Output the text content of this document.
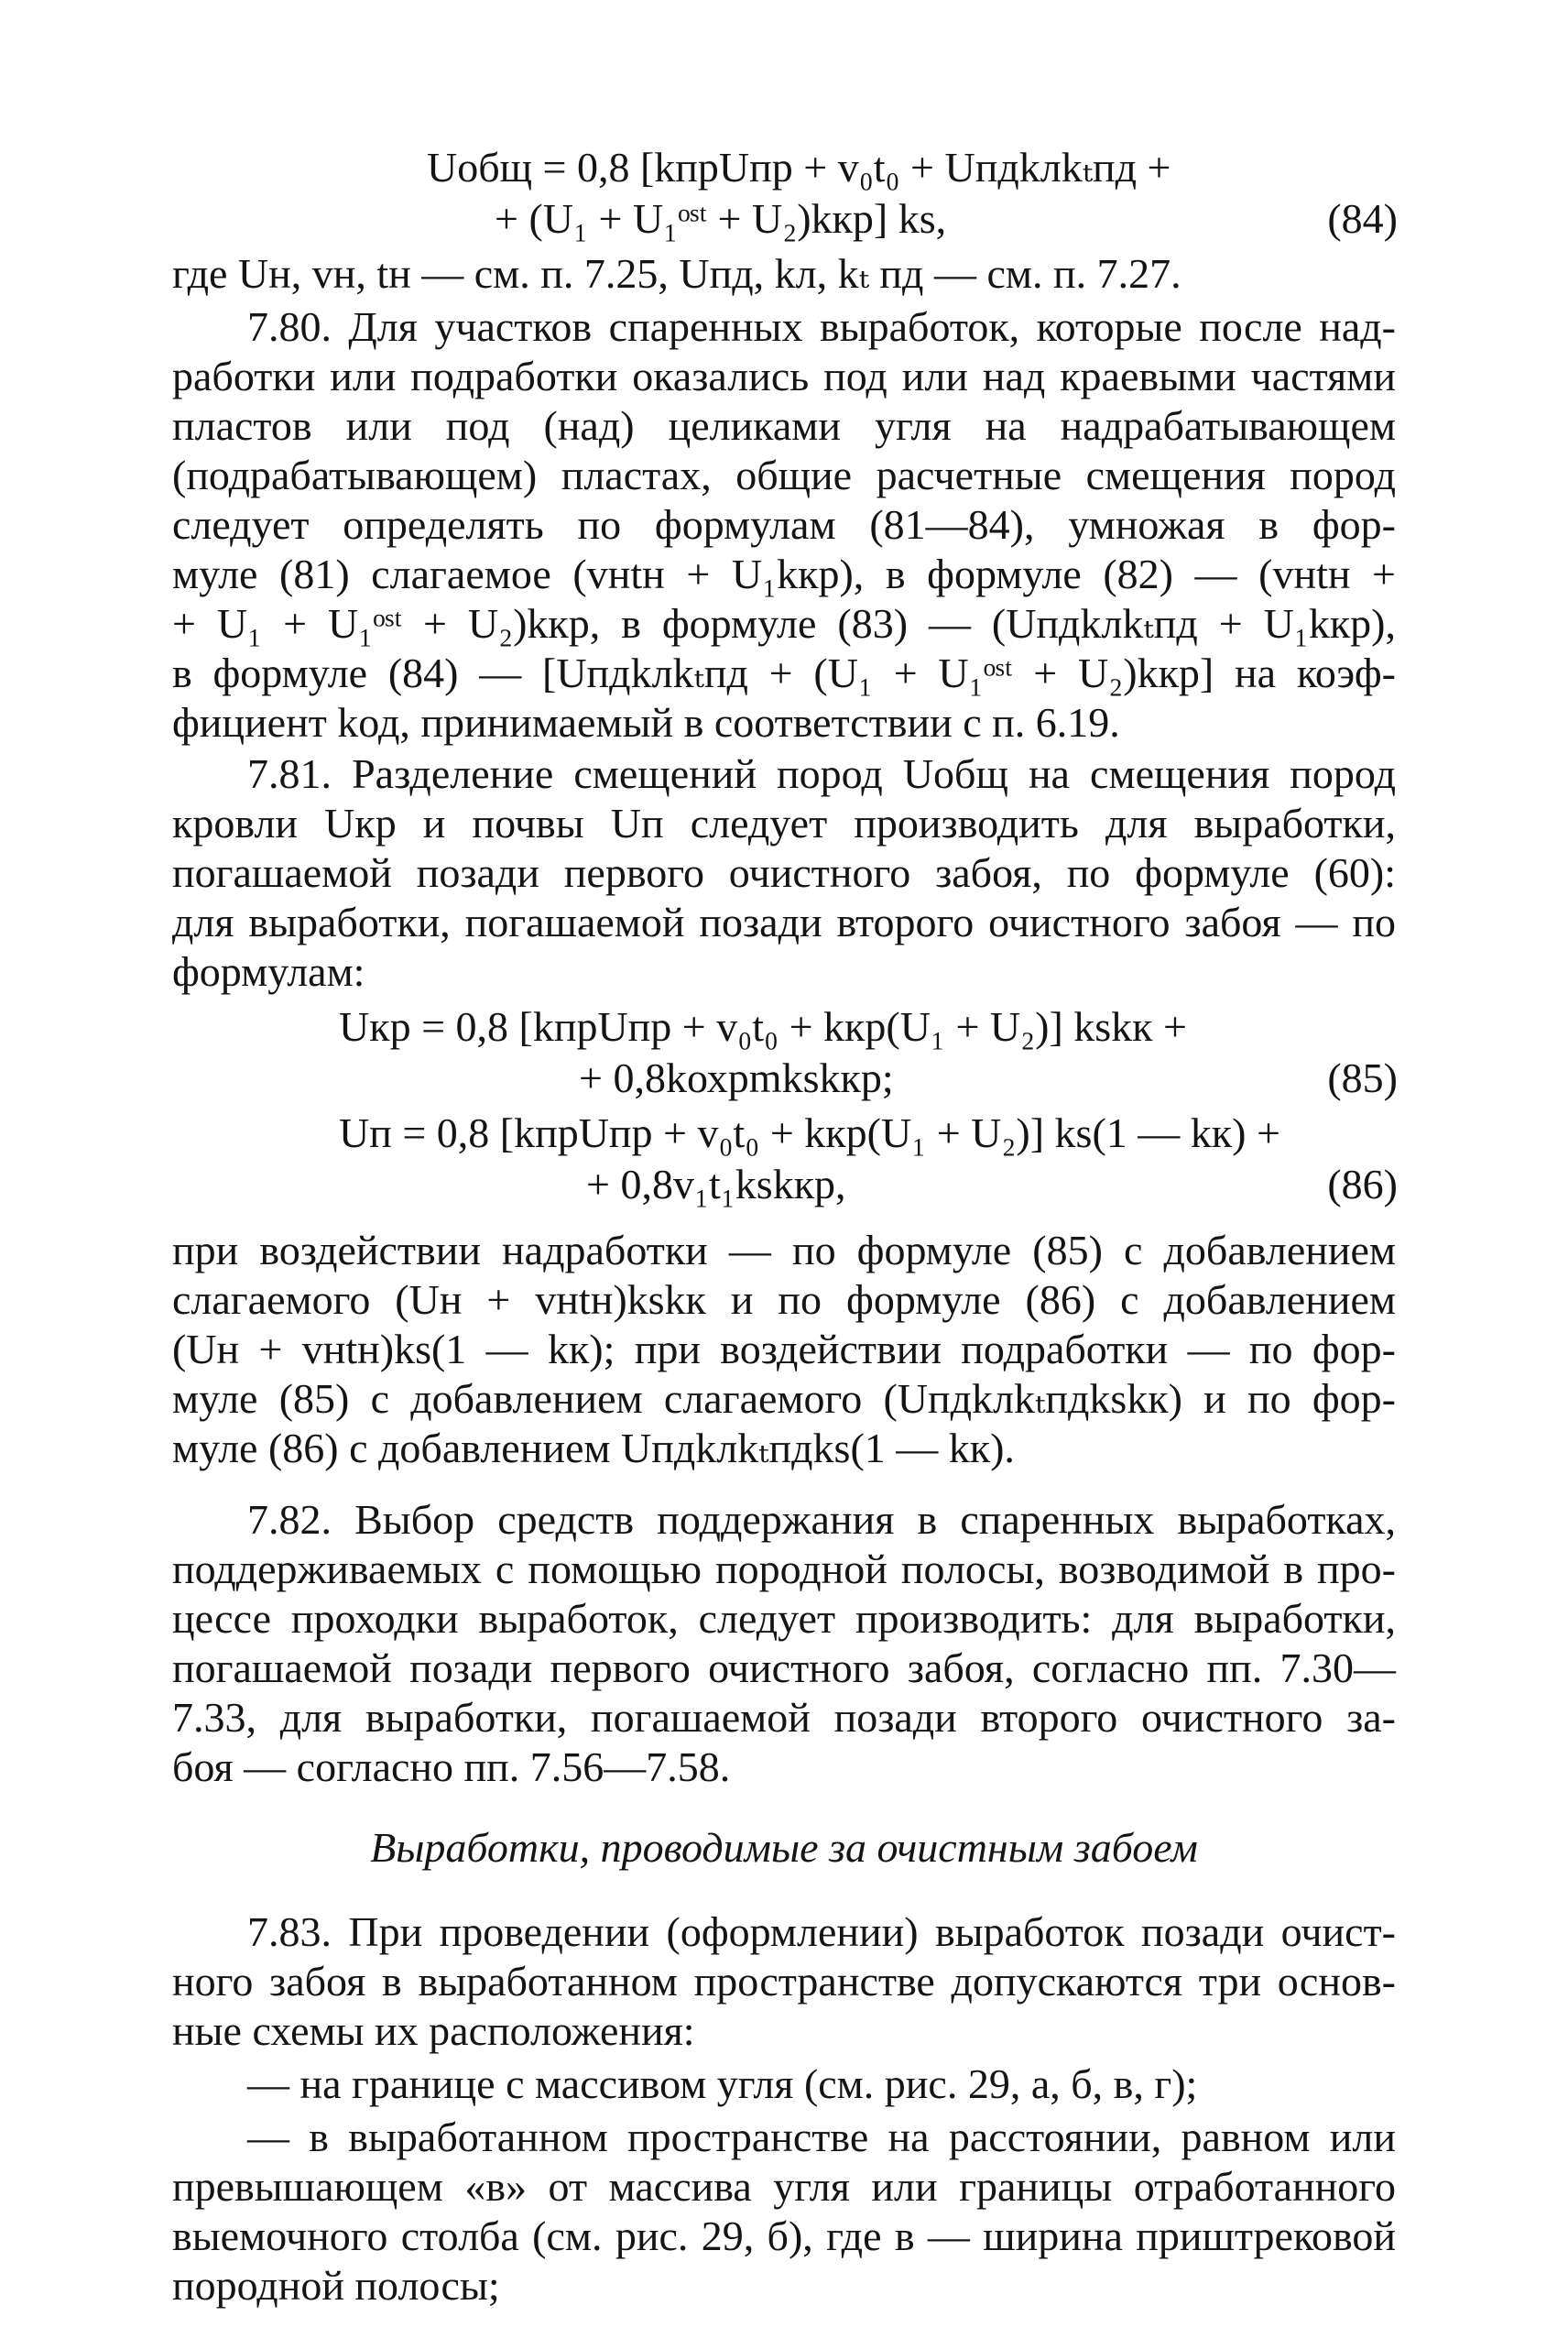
Uобщ = 0,8 [kпрUпр + v₀t₀ + Uпдkлkₜпд +
+ (U₁ + U₁ᵒˢᵗ + U₂)kкр] ks,	(84)
где Uн, vн, tн — см. п. 7.25, Uпд, kл, kₜ пд — см. п. 7.27.
7.80. Для участков спаренных выработок, которые после над-
работки или подработки оказались под или над краевыми частями
пластов или под (над) целиками угля на надрабатывающем
(подрабатывающем) пластах, общие расчетные смещения пород
следует определять по формулам (81—84), умножая в фор-
муле (81) слагаемое (vнtн + U₁kкр), в формуле (82) — (vнtн +
+ U₁ + U₁ᵒˢᵗ + U₂)kкр, в формуле (83) — (Uпдkлkₜпд + U₁kкр),
в формуле (84) — [Uпдkлkₜпд + (U₁ + U₁ᵒˢᵗ + U₂)kкр] на коэф-
фициент kод, принимаемый в соответствии с п. 6.19.
7.81. Разделение смещений пород Uобщ на смещения пород
кровли Uкр и почвы Uп следует производить для выработки,
погашаемой позади первого очистного забоя, по формуле (60):
для выработки, погашаемой позади второго очистного забоя — по
формулам:
Uкр = 0,8 [kпрUпр + v₀t₀ + kкр(U₁ + U₂)] kskк +
+ 0,8kохрmkskкр;	(85)
Uп = 0,8 [kпрUпр + v₀t₀ + kкр(U₁ + U₂)] ks(1 — kк) +
+ 0,8v₁t₁kskкр,	(86)
при воздействии надработки — по формуле (85) с добавлением
слагаемого (Uн + vнtн)kskк и по формуле (86) с добавлением
(Uн + vнtн)ks(1 — kк); при воздействии подработки — по фор-
муле (85) с добавлением слагаемого (Uпдkлkₜпдkskк) и по фор-
муле (86) с добавлением Uпдkлkₜпдks(1 — kк).
7.82. Выбор средств поддержания в спаренных выработках,
поддерживаемых с помощью породной полосы, возводимой в про-
цессе проходки выработок, следует производить: для выработки,
погашаемой позади первого очистного забоя, согласно пп. 7.30—
7.33, для выработки, погашаемой позади второго очистного за-
боя — согласно пп. 7.56—7.58.
Выработки, проводимые за очистным забоем
7.83. При проведении (оформлении) выработок позади очист-
ного забоя в выработанном пространстве допускаются три основ-
ные схемы их расположения:
— на границе с массивом угля (см. рис. 29, а, б, в, г);
— в выработанном пространстве на расстоянии, равном или
превышающем «в» от массива угля или границы отработанного
выемочного столба (см. рис. 29, б), где в — ширина приштрековой
породной полосы;
